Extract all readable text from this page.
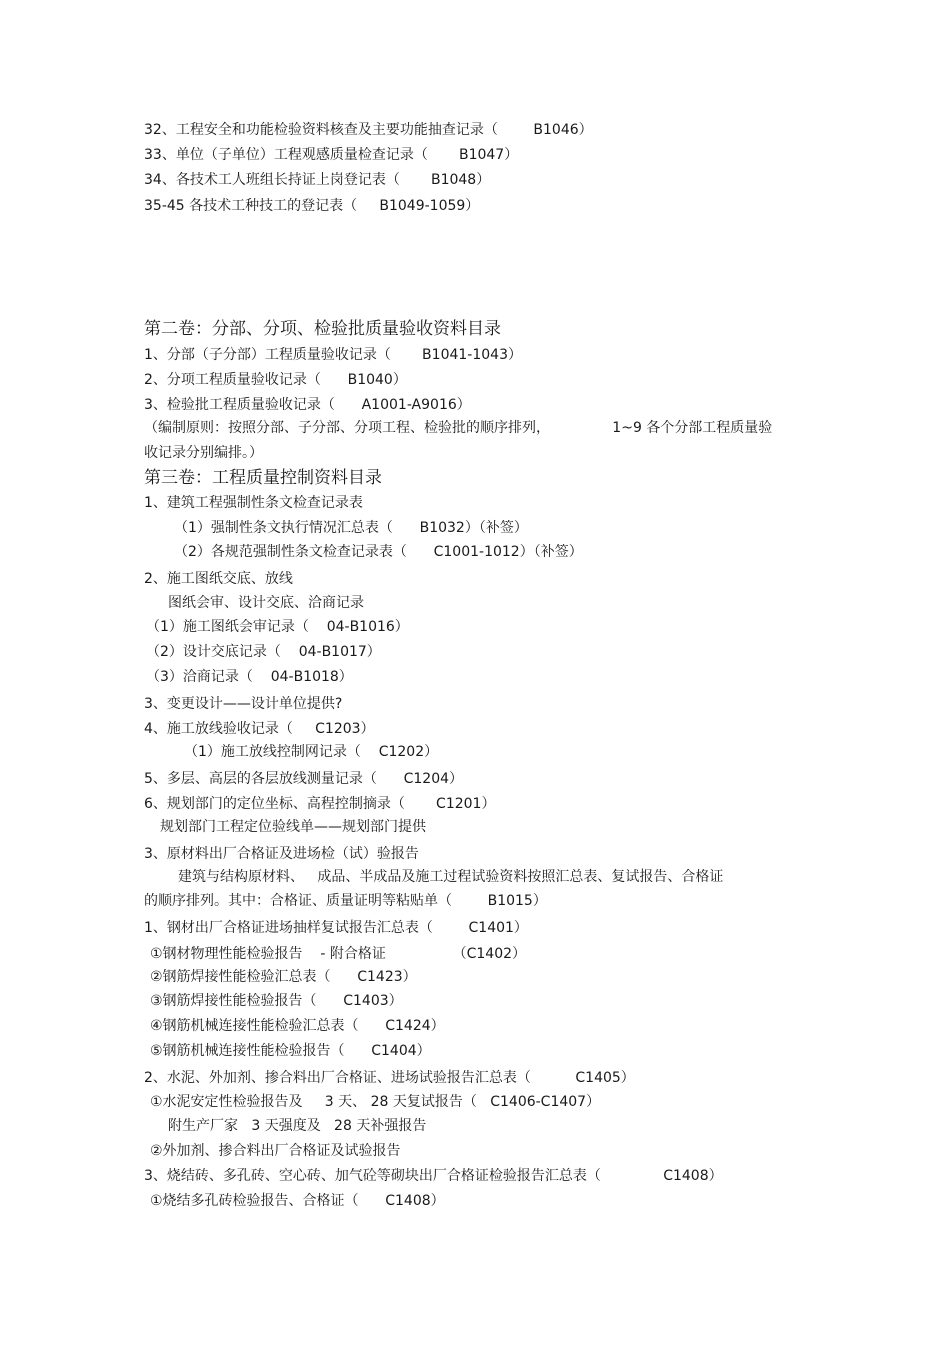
32、工程安全和功能检验资料核查及主要功能抽查记录（        B1046）
33、单位（子单位）工程观感质量检查记录（       B1047）
34、各技术工人班组长持证上岗登记表（       B1048）
35-45 各技术工种技工的登记表（     B1049-1059）
第二卷：分部、分项、检验批质量验收资料目录
1、分部（子分部）工程质量验收记录（       B1041-1043）
2、分项工程质量验收记录（      B1040）
3、检验批工程质量验收记录（      A1001-A9016）
（编制原则：按照分部、子分部、分项工程、检验批的顺序排列，              1~9 各个分部工程质量验
收记录分别编排。）
第三卷：工程质量控制资料目录
1、建筑工程强制性条文检查记录表
（1）强制性条文执行情况汇总表（      B1032）（补签）
（2）各规范强制性条文检查记录表（      C1001-1012）（补签）
2、施工图纸交底、放线
图纸会审、设计交底、洽商记录
（1）施工图纸会审记录（    04-B1016）
（2）设计交底记录（    04-B1017）
（3）洽商记录（    04-B1018）
3、变更设计——设计单位提供?
4、施工放线验收记录（     C1203）
（1）施工放线控制网记录（    C1202）
5、多层、高层的各层放线测量记录（      C1204）
6、规划部门的定位坐标、高程控制摘录（       C1201）
规划部门工程定位验线单——规划部门提供
3、原材料出厂合格证及进场检（试）验报告
建筑与结构原材料、   成品、半成品及施工过程试验资料按照汇总表、复试报告、合格证
的顺序排列。其中：合格证、质量证明等粘贴单（        B1015）
1、钢材出厂合格证进场抽样复试报告汇总表（        C1401）
①钢材物理性能检验报告    - 附合格证               （C1402）
②钢筋焊接性能检验汇总表（      C1423）
③钢筋焊接性能检验报告（      C1403）
④钢筋机械连接性能检验汇总表（      C1424）
⑤钢筋机械连接性能检验报告（      C1404）
2、水泥、外加剂、掺合料出厂合格证、进场试验报告汇总表（          C1405）
①水泥安定性检验报告及     3 天、 28 天复试报告（   C1406-C1407）
附生产厂家   3 天强度及   28 天补强报告
②外加剂、掺合料出厂合格证及试验报告
3、烧结砖、多孔砖、空心砖、加气砼等砌块出厂合格证检验报告汇总表（              C1408）
①烧结多孔砖检验报告、合格证（      C1408）
